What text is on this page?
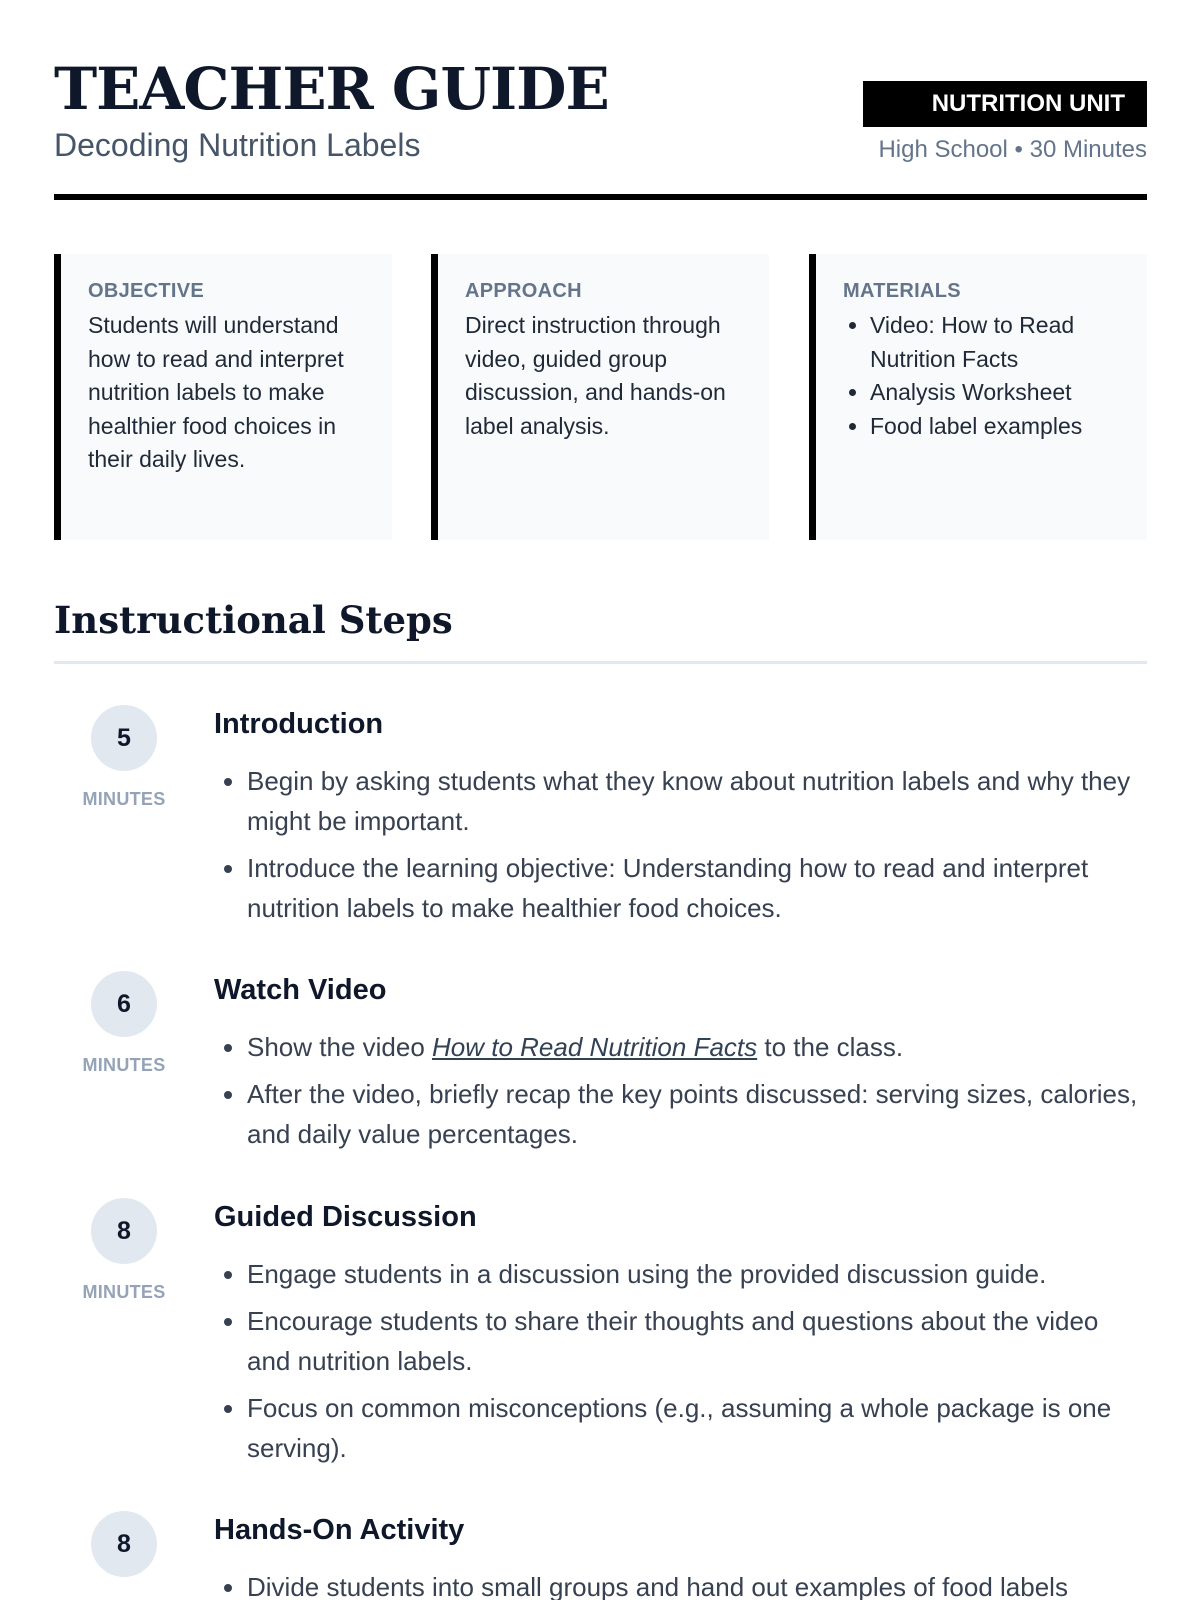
TEACHER GUIDE
Decoding Nutrition Labels
NUTRITION UNIT
High School • 30 Minutes
OBJECTIVE
Students will understand how to read and interpret nutrition labels to make healthier food choices in their daily lives.
APPROACH
Direct instruction through video, guided group discussion, and hands-on label analysis.
MATERIALS
• Video: How to Read Nutrition Facts
• Analysis Worksheet
• Food label examples
Instructional Steps
5
MINUTES
Introduction
• Begin by asking students what they know about nutrition labels and why they might be important.
• Introduce the learning objective: Understanding how to read and interpret nutrition labels to make healthier food choices.
6
MINUTES
Watch Video
• Show the video How to Read Nutrition Facts to the class.
• After the video, briefly recap the key points discussed: serving sizes, calories, and daily value percentages.
8
MINUTES
Guided Discussion
• Engage students in a discussion using the provided discussion guide.
• Encourage students to share their thoughts and questions about the video and nutrition labels.
• Focus on common misconceptions (e.g., assuming a whole package is one serving).
8	Hands-On Activity
• Divide students into small groups and hand out examples of food labels
